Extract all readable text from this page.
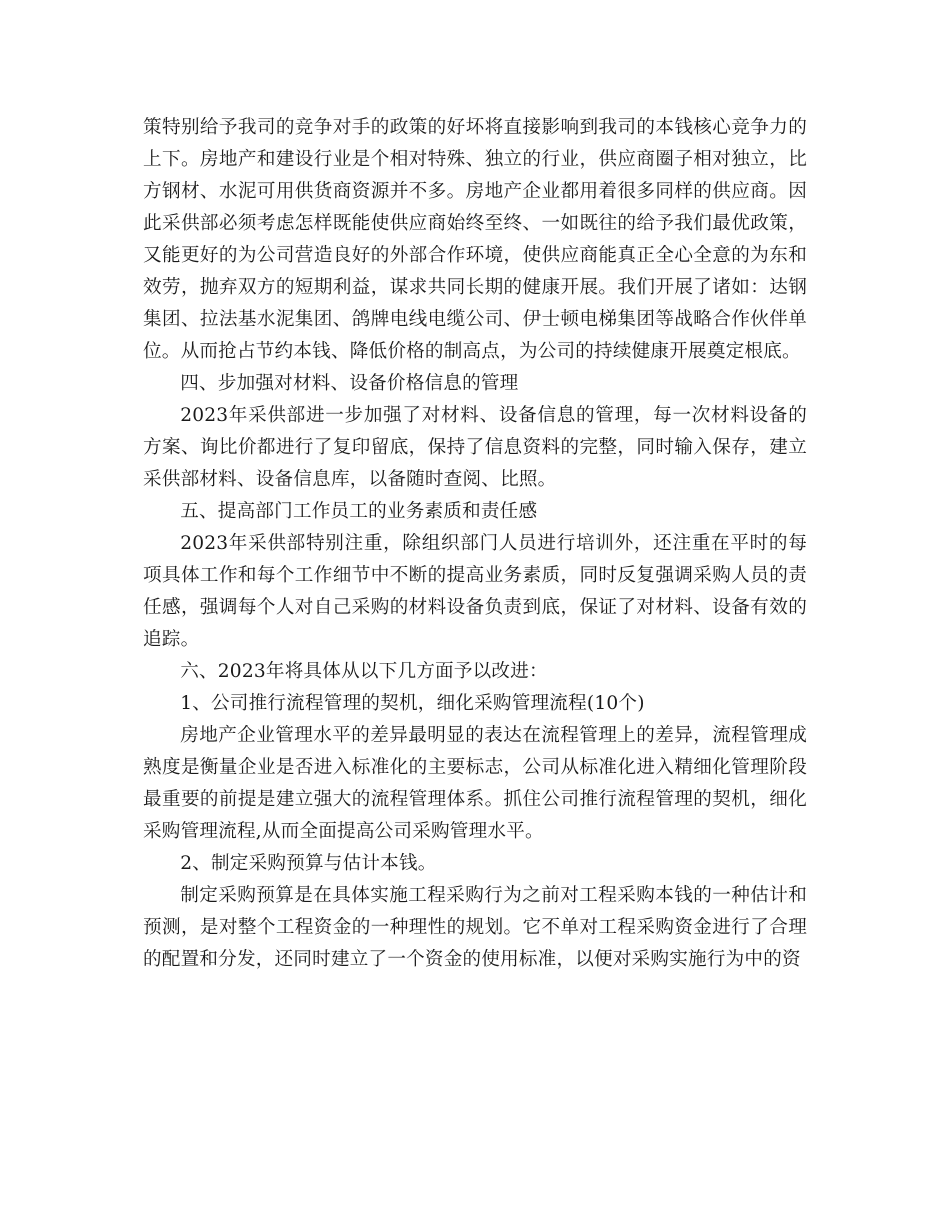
策特别给予我司的竞争对手的政策的好坏将直接影响到我司的本钱核心竞争力的上下。房地产和建设行业是个相对特殊、独立的行业，供应商圈子相对独立，比方钢材、水泥可用供货商资源并不多。房地产企业都用着很多同样的供应商。因此采供部必须考虑怎样既能使供应商始终至终、一如既往的给予我们最优政策，又能更好的为公司营造良好的外部合作环境，使供应商能真正全心全意的为东和效劳，抛弃双方的短期利益，谋求共同长期的健康开展。我们开展了诸如：达钢集团、拉法基水泥集团、鸽牌电线电缆公司、伊士顿电梯集团等战略合作伙伴单位。从而抢占节约本钱、降低价格的制高点，为公司的持续健康开展奠定根底。

四、步加强对材料、设备价格信息的管理

2023年采供部进一步加强了对材料、设备信息的管理，每一次材料设备的方案、询比价都进行了复印留底，保持了信息资料的完整，同时输入保存，建立采供部材料、设备信息库，以备随时查阅、比照。

五、提高部门工作员工的业务素质和责任感

2023年采供部特别注重，除组织部门人员进行培训外，还注重在平时的每项具体工作和每个工作细节中不断的提高业务素质，同时反复强调采购人员的责任感，强调每个人对自己采购的材料设备负责到底，保证了对材料、设备有效的追踪。

六、2023年将具体从以下几方面予以改进：

1、公司推行流程管理的契机，细化采购管理流程(10个)

房地产企业管理水平的差异最明显的表达在流程管理上的差异，流程管理成熟度是衡量企业是否进入标准化的主要标志，公司从标准化进入精细化管理阶段最重要的前提是建立强大的流程管理体系。抓住公司推行流程管理的契机，细化采购管理流程,从而全面提高公司采购管理水平。

2、制定采购预算与估计本钱。

制定采购预算是在具体实施工程采购行为之前对工程采购本钱的一种估计和预测，是对整个工程资金的一种理性的规划。它不单对工程采购资金进行了合理的配置和分发，还同时建立了一个资金的使用标准，以便对采购实施行为中的资
